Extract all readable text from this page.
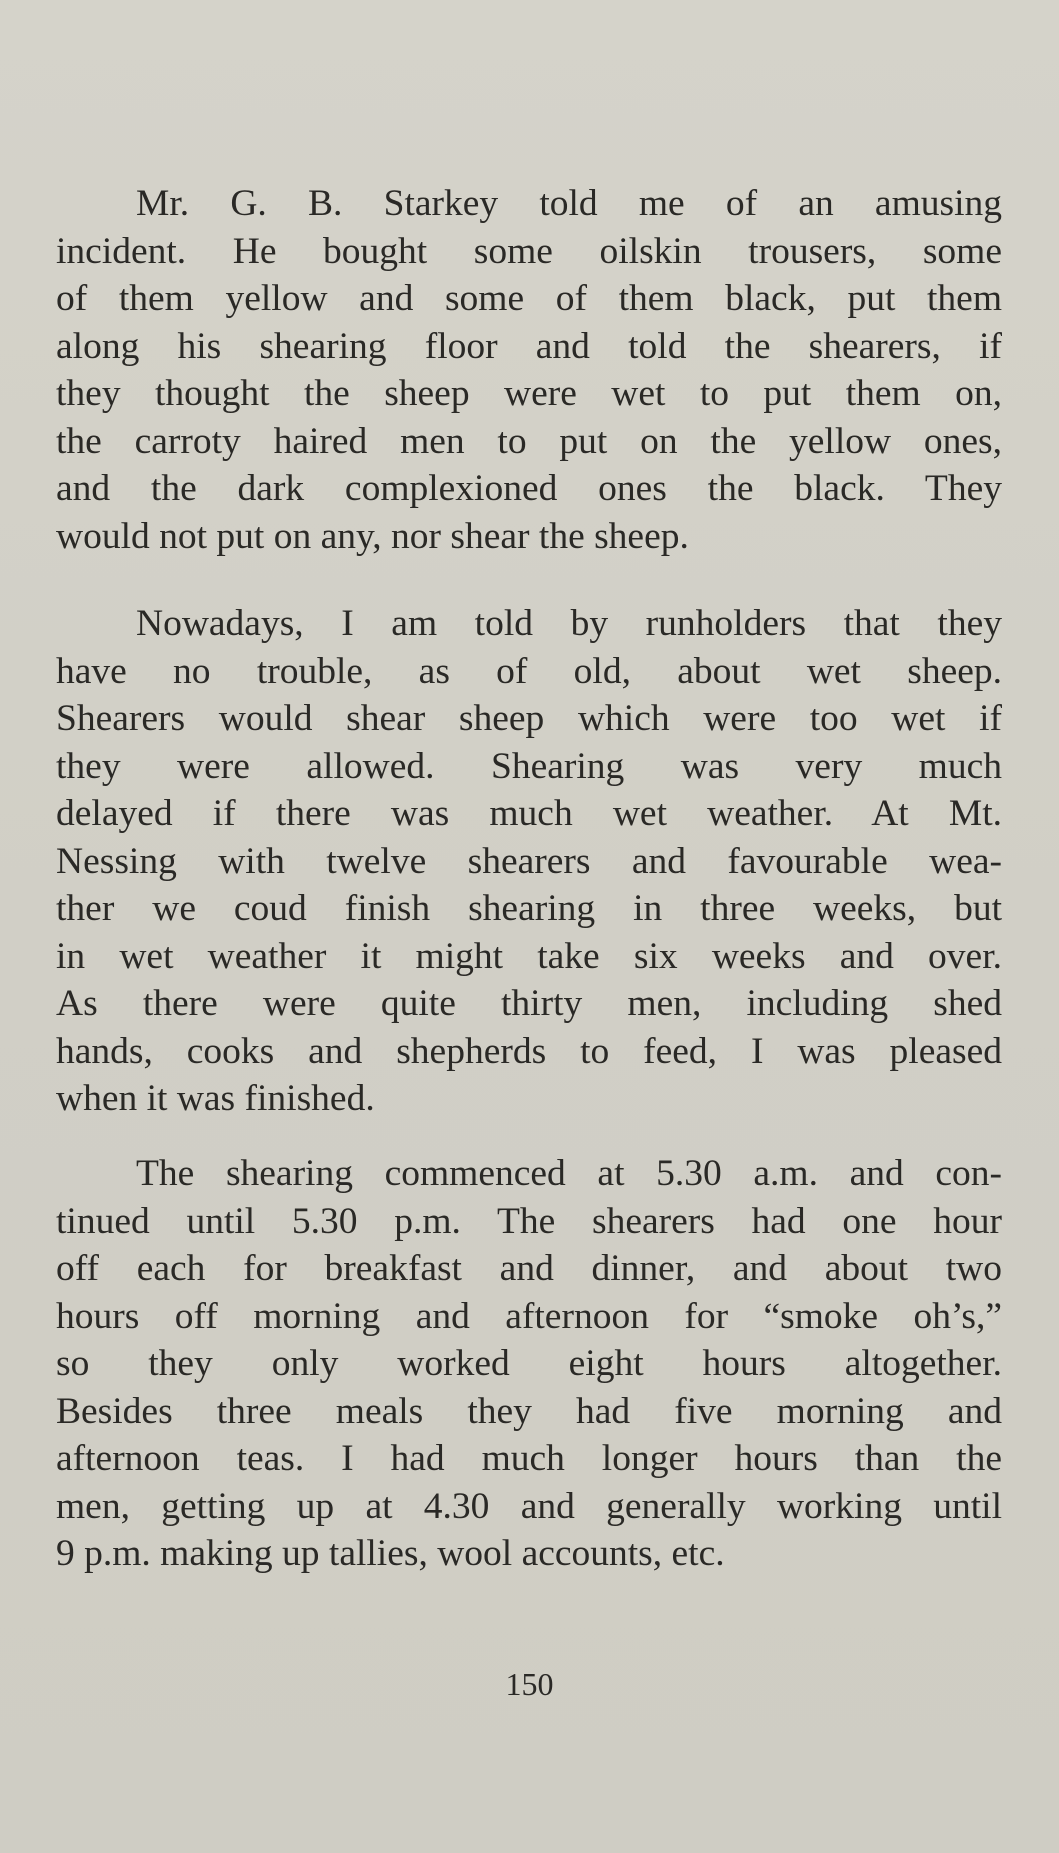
Mr. G. B. Starkey told me of an amusing
incident. He bought some oilskin trousers, some
of them yellow and some of them black, put them
along his shearing floor and told the shearers, if
they thought the sheep were wet to put them on,
the carroty haired men to put on the yellow ones,
and the dark complexioned ones the black. They
would not put on any, nor shear the sheep.
Nowadays, I am told by runholders that they
have no trouble, as of old, about wet sheep.
Shearers would shear sheep which were too wet if
they were allowed. Shearing was very much
delayed if there was much wet weather. At Mt.
Nessing with twelve shearers and favourable wea-
ther we coud finish shearing in three weeks, but
in wet weather it might take six weeks and over.
As there were quite thirty men, including shed
hands, cooks and shepherds to feed, I was pleased
when it was finished.
The shearing commenced at 5.30 a.m. and con-
tinued until 5.30 p.m. The shearers had one hour
off each for breakfast and dinner, and about two
hours off morning and afternoon for “smoke oh’s,”
so they only worked eight hours altogether.
Besides three meals they had five morning and
afternoon teas. I had much longer hours than the
men, getting up at 4.30 and generally working until
9 p.m. making up tallies, wool accounts, etc.
150
